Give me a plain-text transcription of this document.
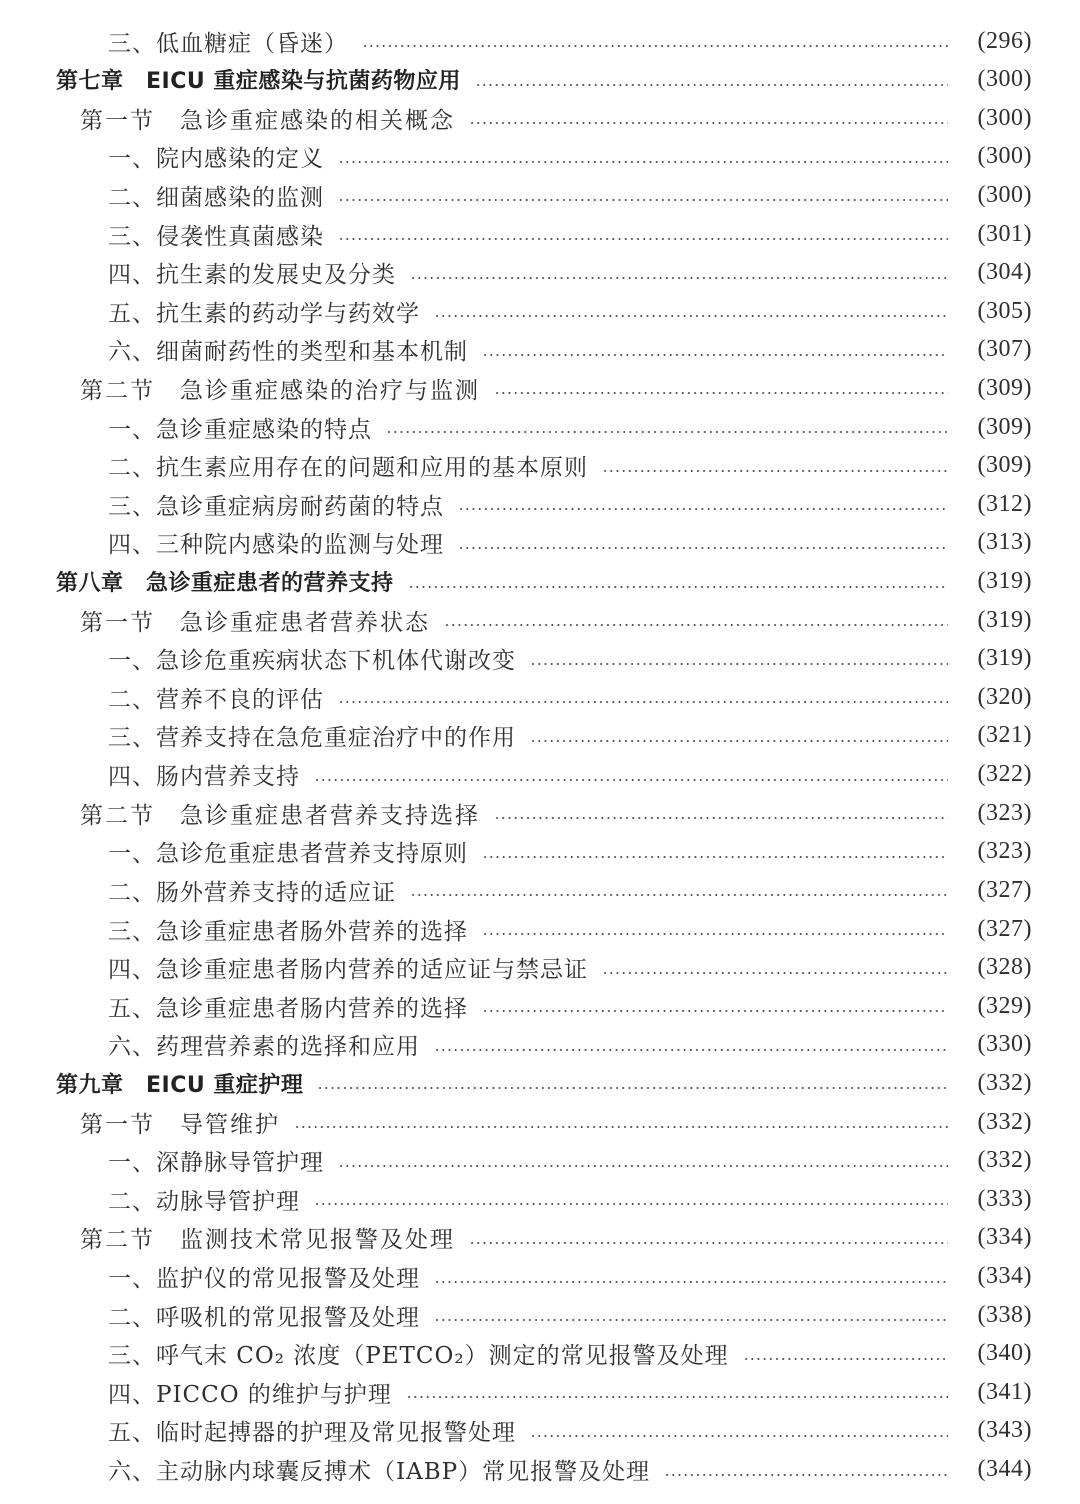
三、低血糖症（昏迷）	(296)
第七章　EICU 重症感染与抗菌药物应用	(300)
第一节　急诊重症感染的相关概念	(300)
一、院内感染的定义	(300)
二、细菌感染的监测	(300)
三、侵袭性真菌感染	(301)
四、抗生素的发展史及分类	(304)
五、抗生素的药动学与药效学	(305)
六、细菌耐药性的类型和基本机制	(307)
第二节　急诊重症感染的治疗与监测	(309)
一、急诊重症感染的特点	(309)
二、抗生素应用存在的问题和应用的基本原则	(309)
三、急诊重症病房耐药菌的特点	(312)
四、三种院内感染的监测与处理	(313)
第八章　急诊重症患者的营养支持	(319)
第一节　急诊重症患者营养状态	(319)
一、急诊危重疾病状态下机体代谢改变	(319)
二、营养不良的评估	(320)
三、营养支持在急危重症治疗中的作用	(321)
四、肠内营养支持	(322)
第二节　急诊重症患者营养支持选择	(323)
一、急诊危重症患者营养支持原则	(323)
二、肠外营养支持的适应证	(327)
三、急诊重症患者肠外营养的选择	(327)
四、急诊重症患者肠内营养的适应证与禁忌证	(328)
五、急诊重症患者肠内营养的选择	(329)
六、药理营养素的选择和应用	(330)
第九章　EICU 重症护理	(332)
第一节　导管维护	(332)
一、深静脉导管护理	(332)
二、动脉导管护理	(333)
第二节　监测技术常见报警及处理	(334)
一、监护仪的常见报警及处理	(334)
二、呼吸机的常见报警及处理	(338)
三、呼气末 CO₂ 浓度（PETCO₂）测定的常见报警及处理	(340)
四、PICCO 的维护与护理	(341)
五、临时起搏器的护理及常见报警处理	(343)
六、主动脉内球囊反搏术（IABP）常见报警及处理	(344)
